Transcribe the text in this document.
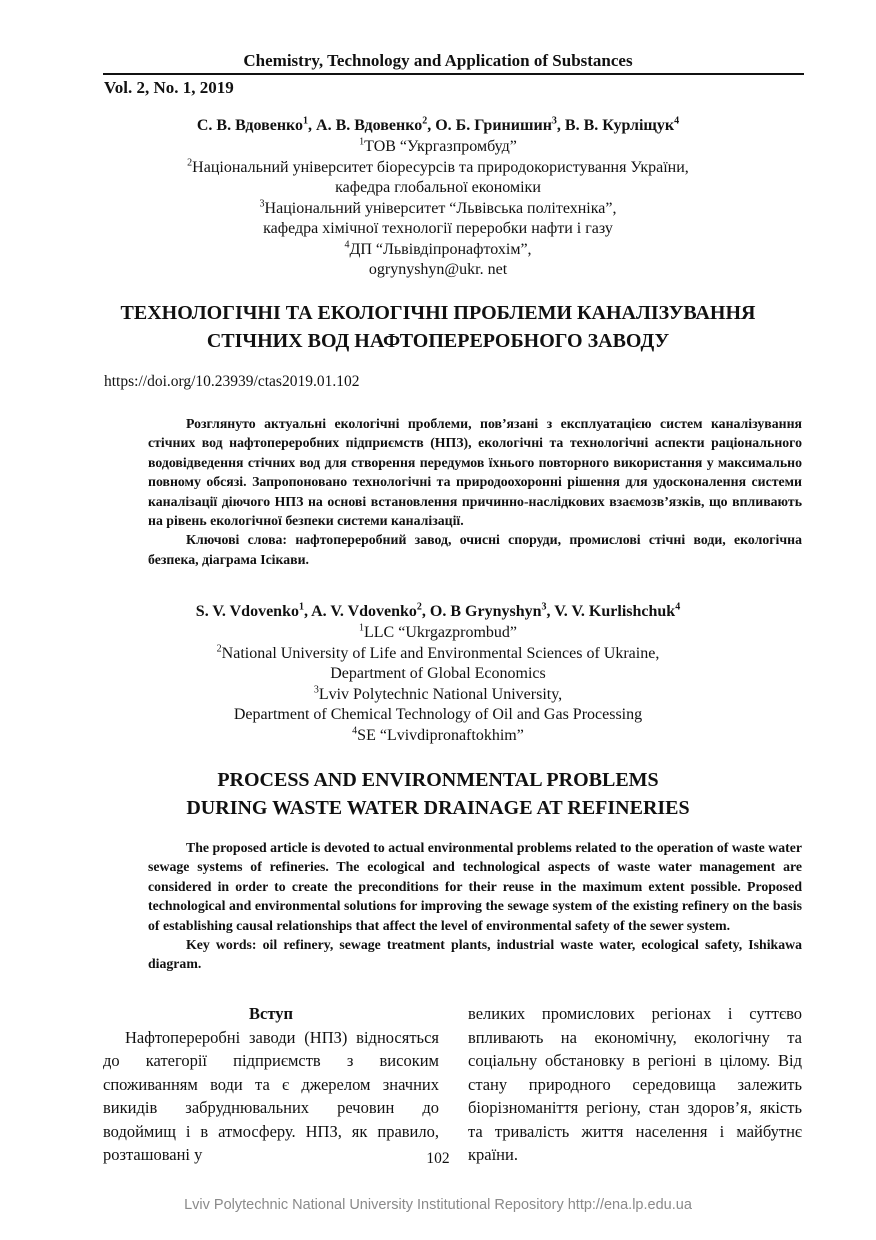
Chemistry, Technology and Application of Substances
Vol. 2, No. 1, 2019
С. В. Вдовенко$^1$, А. В. Вдовенко$^2$, О. Б. Гринишин$^3$, В. В. Курліщук$^4$
$^1$ТОВ “Укргазпромбуд”
$^2$Національний університет біоресурсів та природокористування України,
кафедра глобальної економіки
$^3$Національний університет “Львівська політехніка”,
кафедра хімічної технології переробки нафти і газу
$^4$ДП “Львівдіпронафтохім”,
ogrynyshyn@ukr. net
ТЕХНОЛОГІЧНІ ТА ЕКОЛОГІЧНІ ПРОБЛЕМИ КАНАЛІЗУВАННЯ
СТІЧНИХ ВОД НАФТОПЕРЕРОБНОГО ЗАВОДУ
https://doi.org/10.23939/ctas2019.01.102

Розглянуто актуальні екологічні проблеми, пов’язані з експлуатацією систем каналізування стічних вод нафтопереробних підприємств (НПЗ), екологічні та технологічні аспекти раціонального водовідведення стічних вод для створення передумов їхнього повторного використання у максимально повному обсязі. Запропоновано технологічні та природоохоронні рішення для удосконалення системи каналізації діючого НПЗ на основі встановлення причинно-наслідкових взаємозв’язків, що впливають на рівень екологічної безпеки системи каналізації.

Ключові слова: нафтопереробний завод, очисні споруди, промислові стічні води, екологічна безпека, діаграма Ісікави.

S. V. Vdovenko$^1$, A. V. Vdovenko$^2$, O. B Grynyshyn$^3$, V. V. Kurlishchuk$^4$
$^1$LLC “Ukrgazprombud”
$^2$National University of Life and Environmental Sciences of Ukraine,
Department of Global Economics
$^3$Lviv Polytechnic National University,
Department of Chemical Technology of Oil and Gas Processing
$^4$SE “Lvivdipronaftokhim”
PROCESS AND ENVIRONMENTAL PROBLEMS
DURING WASTE WATER DRAINAGE AT REFINERIES

The proposed article is devoted to actual environmental problems related to the operation of waste water sewage systems of refineries. The ecological and technological aspects of waste water management are considered in order to create the preconditions for their reuse in the maximum extent possible. Proposed technological and environmental solutions for improving the sewage system of the existing refinery on the basis of establishing causal relationships that affect the level of environmental safety of the sewer system.

Key words: oil refinery, sewage treatment plants, industrial waste water, ecological safety, Ishikawa diagram.

Вступ

Нафтопереробні заводи (НПЗ) відносяться до категорії підприємств з високим споживанням води та є джерелом значних викидів забруднювальних речовин до водоймищ і в атмосферу. НПЗ, як правило, розташовані у

великих промислових регіонах і суттєво впливають на економічну, екологічну та соціальну обстановку в регіоні в цілому. Від стану природного середовища залежить біорізноманіття регіону, стан здоров’я, якість та тривалість життя населення і майбутнє країни.

102
Lviv Polytechnic National University Institutional Repository http://ena.lp.edu.ua
